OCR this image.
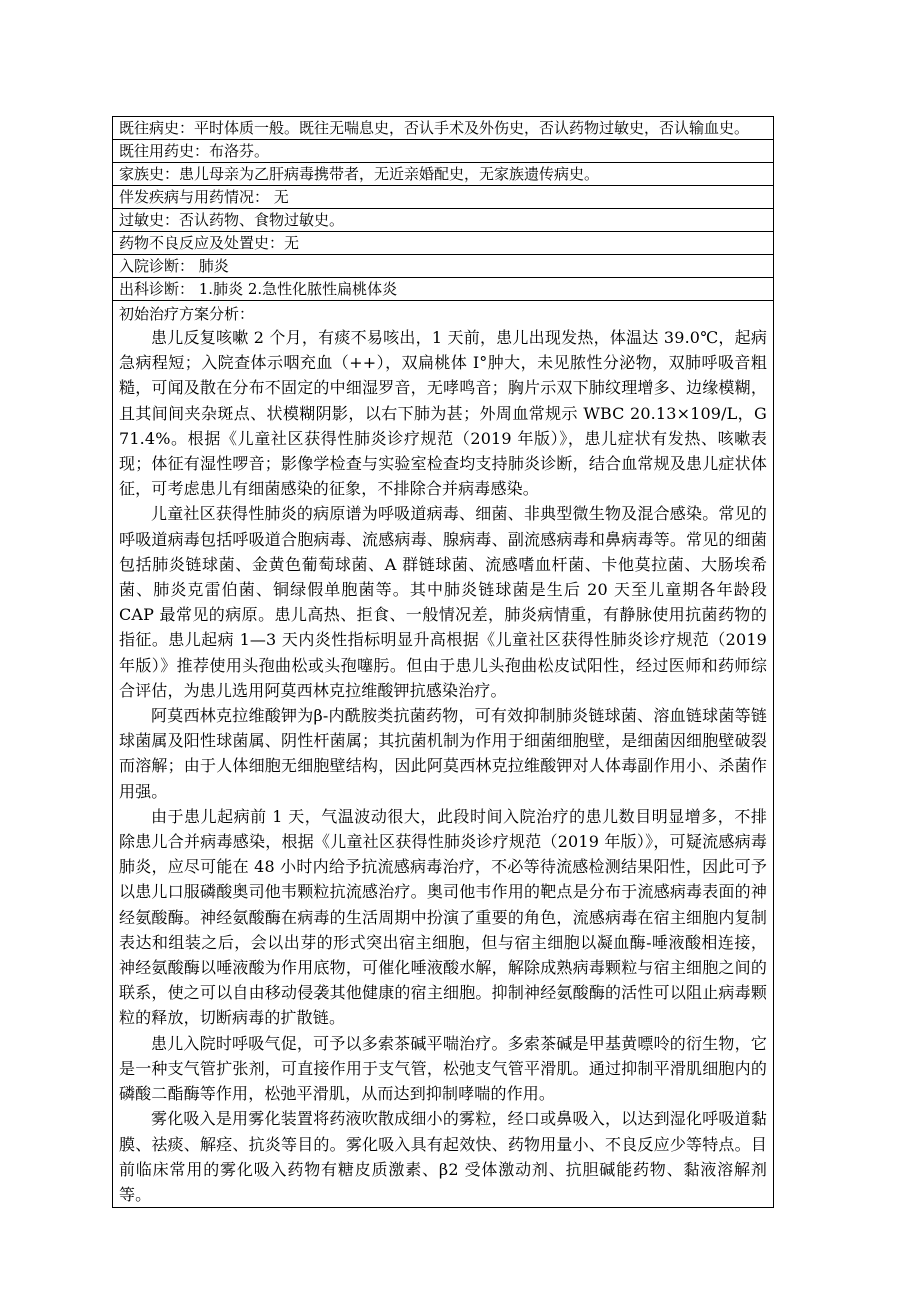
既往病史：平时体质一般。既往无喘息史，否认手术及外伤史，否认药物过敏史，否认输血史。
既往用药史：布洛芬。
家族史：患儿母亲为乙肝病毒携带者，无近亲婚配史，无家族遗传病史。
伴发疾病与用药情况： 无
过敏史：否认药物、食物过敏史。
药物不良反应及处置史：无
入院诊断： 肺炎
出科诊断： 1.肺炎 2.急性化脓性扁桃体炎

初始治疗方案分析：

患儿反复咳嗽 2 个月，有痰不易咳出，1 天前，患儿出现发热，体温达 39.0℃，起病急病程短；入院查体示咽充血（++），双扁桃体 I°肿大，未见脓性分泌物，双肺呼吸音粗糙，可闻及散在分布不固定的中细湿罗音，无哮鸣音；胸片示双下肺纹理增多、边缘模糊，且其间间夹杂斑点、状模糊阴影，以右下肺为甚；外周血常规示 WBC 20.13×109/L，G 71.4%。根据《儿童社区获得性肺炎诊疗规范（2019 年版）》，患儿症状有发热、咳嗽表现；体征有湿性啰音；影像学检查与实验室检查均支持肺炎诊断，结合血常规及患儿症状体征，可考虑患儿有细菌感染的征象，不排除合并病毒感染。

儿童社区获得性肺炎的病原谱为呼吸道病毒、细菌、非典型微生物及混合感染。常见的呼吸道病毒包括呼吸道合胞病毒、流感病毒、腺病毒、副流感病毒和鼻病毒等。常见的细菌包括肺炎链球菌、金黄色葡萄球菌、A 群链球菌、流感嗜血杆菌、卡他莫拉菌、大肠埃希菌、肺炎克雷伯菌、铜绿假单胞菌等。其中肺炎链球菌是生后 20 天至儿童期各年龄段 CAP 最常见的病原。患儿高热、拒食、一般情况差，肺炎病情重，有静脉使用抗菌药物的指征。患儿起病 1—3 天内炎性指标明显升高根据《儿童社区获得性肺炎诊疗规范（2019 年版）》推荐使用头孢曲松或头孢噻肟。但由于患儿头孢曲松皮试阳性，经过医师和药师综合评估，为患儿选用阿莫西林克拉维酸钾抗感染治疗。

阿莫西林克拉维酸钾为β-内酰胺类抗菌药物，可有效抑制肺炎链球菌、溶血链球菌等链球菌属及阳性球菌属、阴性杆菌属；其抗菌机制为作用于细菌细胞壁，是细菌因细胞壁破裂而溶解；由于人体细胞无细胞壁结构，因此阿莫西林克拉维酸钾对人体毒副作用小、杀菌作用强。

由于患儿起病前 1 天，气温波动很大，此段时间入院治疗的患儿数目明显增多，不排除患儿合并病毒感染，根据《儿童社区获得性肺炎诊疗规范（2019 年版）》，可疑流感病毒肺炎，应尽可能在 48 小时内给予抗流感病毒治疗，不必等待流感检测结果阳性，因此可予以患儿口服磷酸奥司他韦颗粒抗流感治疗。奥司他韦作用的靶点是分布于流感病毒表面的神经氨酸酶。神经氨酸酶在病毒的生活周期中扮演了重要的角色，流感病毒在宿主细胞内复制表达和组装之后，会以出芽的形式突出宿主细胞，但与宿主细胞以凝血酶-唾液酸相连接，神经氨酸酶以唾液酸为作用底物，可催化唾液酸水解，解除成熟病毒颗粒与宿主细胞之间的联系，使之可以自由移动侵袭其他健康的宿主细胞。抑制神经氨酸酶的活性可以阻止病毒颗粒的释放，切断病毒的扩散链。

患儿入院时呼吸气促，可予以多索茶碱平喘治疗。多索茶碱是甲基黄嘌呤的衍生物，它是一种支气管扩张剂，可直接作用于支气管，松弛支气管平滑肌。通过抑制平滑肌细胞内的磷酸二酯酶等作用，松弛平滑肌，从而达到抑制哮喘的作用。

雾化吸入是用雾化装置将药液吹散成细小的雾粒，经口或鼻吸入，以达到湿化呼吸道黏膜、祛痰、解痉、抗炎等目的。雾化吸入具有起效快、药物用量小、不良反应少等特点。目前临床常用的雾化吸入药物有糖皮质激素、β2 受体激动剂、抗胆碱能药物、黏液溶解剂等。
